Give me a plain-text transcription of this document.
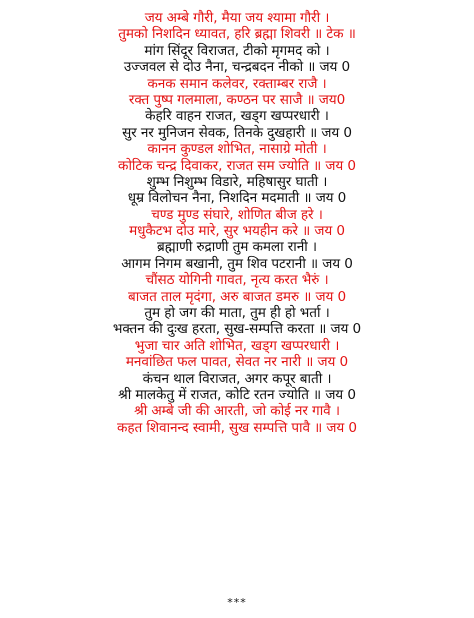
जय अम्बे गौरी, मैया जय श्यामा गौरी ।
तुमको निशदिन ध्यावत, हरि ब्रह्मा शिवरी ॥ टेक ॥
मांग सिंदूर विराजत, टीको मृगमद को ।
उज्जवल से दोउ नैना, चन्द्रबदन नीको ॥ जय 0
कनक समान कलेवर, रक्ताम्बर राजै ।
रक्त पुष्प गलमाला, कण्ठन पर साजै ॥ जय0
केहरि वाहन राजत, खड्ग खप्परधारी ।
सुर नर मुनिजन सेवक, तिनके दुखहारी ॥ जय 0
कानन कुण्डल शोभित, नासाग्रे मोती ।
कोटिक चन्द्र दिवाकर, राजत सम ज्योति ॥ जय 0
शुम्भ निशुम्भ विडारे, महिषासुर घाती ।
धूम्र विलोचन नैना, निशदिन मदमाती ॥ जय 0
चण्ड मुण्ड संघारे, शोणित बीज हरे ।
मधुकैटभ दोउ मारे, सुर भयहीन करे ॥ जय 0
ब्रह्माणी रुद्राणी तुम कमला रानी ।
आगम निगम बखानी, तुम शिव पटरानी ॥ जय 0
चौंसठ योगिनी गावत, नृत्य करत भैरुं ।
बाजत ताल मृदंगा, अरु बाजत डमरु ॥ जय 0
तुम हो जग की माता, तुम ही हो भर्ता ।
भक्तन की दुःख हरता, सुख-सम्पत्ति करता ॥ जय 0
भुजा चार अति शोभित, खड्ग खप्परधारी ।
मनवांछित फल पावत, सेवत नर नारी ॥ जय 0
कंचन थाल विराजत, अगर कपूर बाती ।
श्री मालकेतु में राजत, कोटि रतन ज्योति ॥ जय 0
श्री अम्बे जी की आरती, जो कोई नर गावै ।
कहत शिवानन्द स्वामी, सुख सम्पत्ति पावै ॥ जय 0
***
